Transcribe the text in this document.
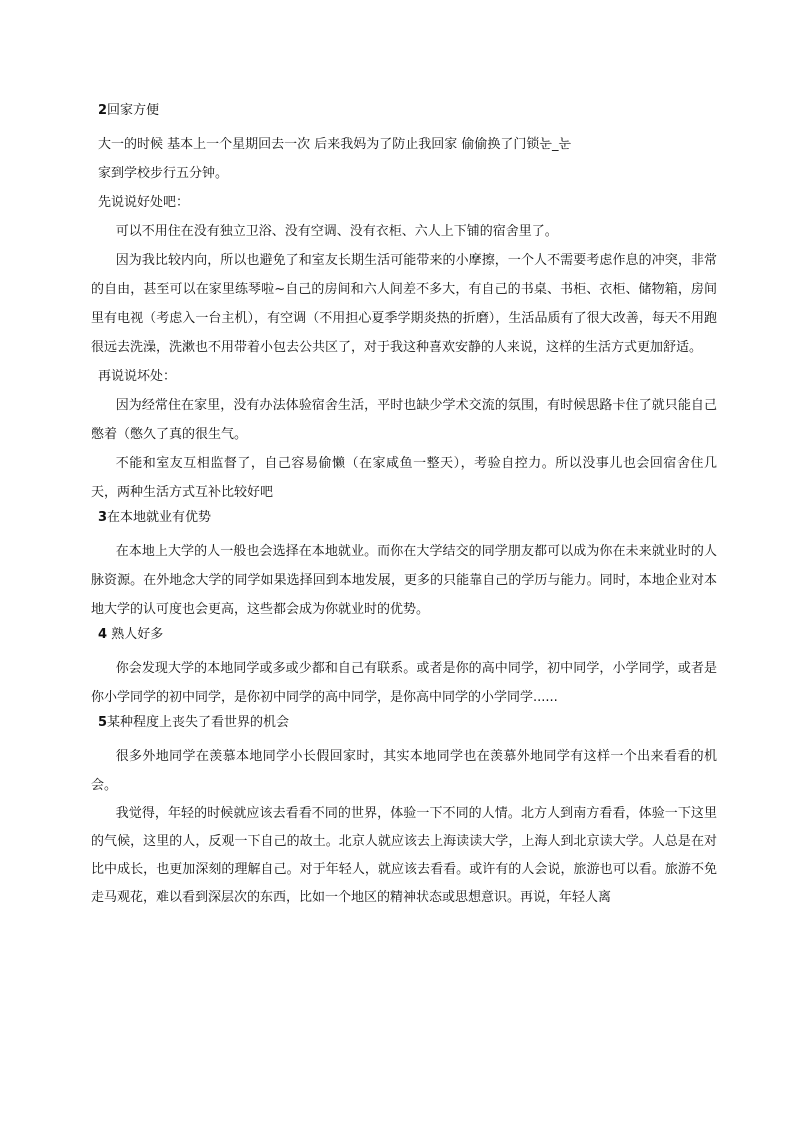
2回家方便

大一的时候 基本上一个星期回去一次 后来我妈为了防止我回家 偷偷换了门锁눈_눈

家到学校步行五分钟。

先说说好处吧：

可以不用住在没有独立卫浴、没有空调、没有衣柜、六人上下铺的宿舍里了。

因为我比较内向，所以也避免了和室友长期生活可能带来的小摩擦，一个人不需要考虑作息的冲突，非常的自由，甚至可以在家里练琴啦~自己的房间和六人间差不多大，有自己的书桌、书柜、衣柜、储物箱，房间里有电视（考虑入一台主机），有空调（不用担心夏季学期炎热的折磨），生活品质有了很大改善，每天不用跑很远去洗澡，洗漱也不用带着小包去公共区了，对于我这种喜欢安静的人来说，这样的生活方式更加舒适。

再说说坏处：

因为经常住在家里，没有办法体验宿舍生活，平时也缺少学术交流的氛围，有时候思路卡住了就只能自己憋着（憋久了真的很生气。

不能和室友互相监督了，自己容易偷懒（在家咸鱼一整天），考验自控力。所以没事儿也会回宿舍住几天，两种生活方式互补比较好吧

3在本地就业有优势

在本地上大学的人一般也会选择在本地就业。而你在大学结交的同学朋友都可以成为你在未来就业时的人脉资源。在外地念大学的同学如果选择回到本地发展，更多的只能靠自己的学历与能力。同时，本地企业对本地大学的认可度也会更高，这些都会成为你就业时的优势。

4 熟人好多

你会发现大学的本地同学或多或少都和自己有联系。或者是你的高中同学，初中同学，小学同学，或者是你小学同学的初中同学，是你初中同学的高中同学，是你高中同学的小学同学......

5某种程度上丧失了看世界的机会

很多外地同学在羡慕本地同学小长假回家时，其实本地同学也在羡慕外地同学有这样一个出来看看的机会。

我觉得，年轻的时候就应该去看看不同的世界，体验一下不同的人情。北方人到南方看看，体验一下这里的气候，这里的人，反观一下自己的故土。北京人就应该去上海读读大学，上海人到北京读大学。人总是在对比中成长，也更加深刻的理解自己。对于年轻人，就应该去看看。或许有的人会说，旅游也可以看。旅游不免走马观花，难以看到深层次的东西，比如一个地区的精神状态或思想意识。再说，年轻人离
